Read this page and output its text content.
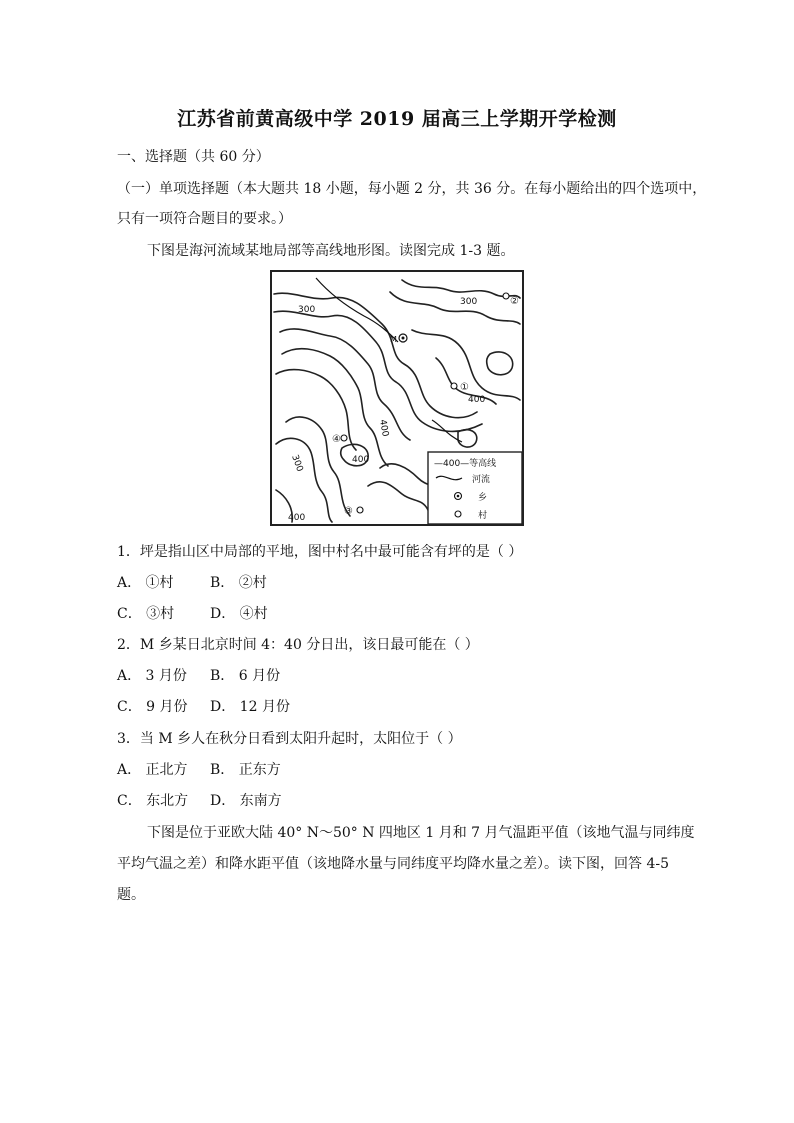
江苏省前黄高级中学 2019 届高三上学期开学检测
一、选择题（共 60 分）
（一）单项选择题（本大题共 18 小题，每小题 2 分，共 36 分。在每小题给出的四个选项中，
只有一项符合题目的要求。）
下图是海河流域某地局部等高线地形图。读图完成 1-3 题。
300
300
400
400
300	400
400
M
①
②
③
④
—400—等高线
河流
乡
村
1．坪是指山区中局部的平地，图中村名中最可能含有坪的是（ ）
A． ①村	B． ②村
C． ③村	D． ④村
2．M 乡某日北京时间 4：40 分日出，该日最可能在（ ）
A． 3 月份 B． 6 月份
C． 9 月份 D． 12 月份
3．当 M 乡人在秋分日看到太阳升起时，太阳位于（ ）
A． 正北方 B． 正东方
C． 东北方 D． 东南方
下图是位于亚欧大陆 40° N～50° N 四地区 1 月和 7 月气温距平值（该地气温与同纬度
平均气温之差）和降水距平值（该地降水量与同纬度平均降水量之差）。读下图，回答 4-5
题。
